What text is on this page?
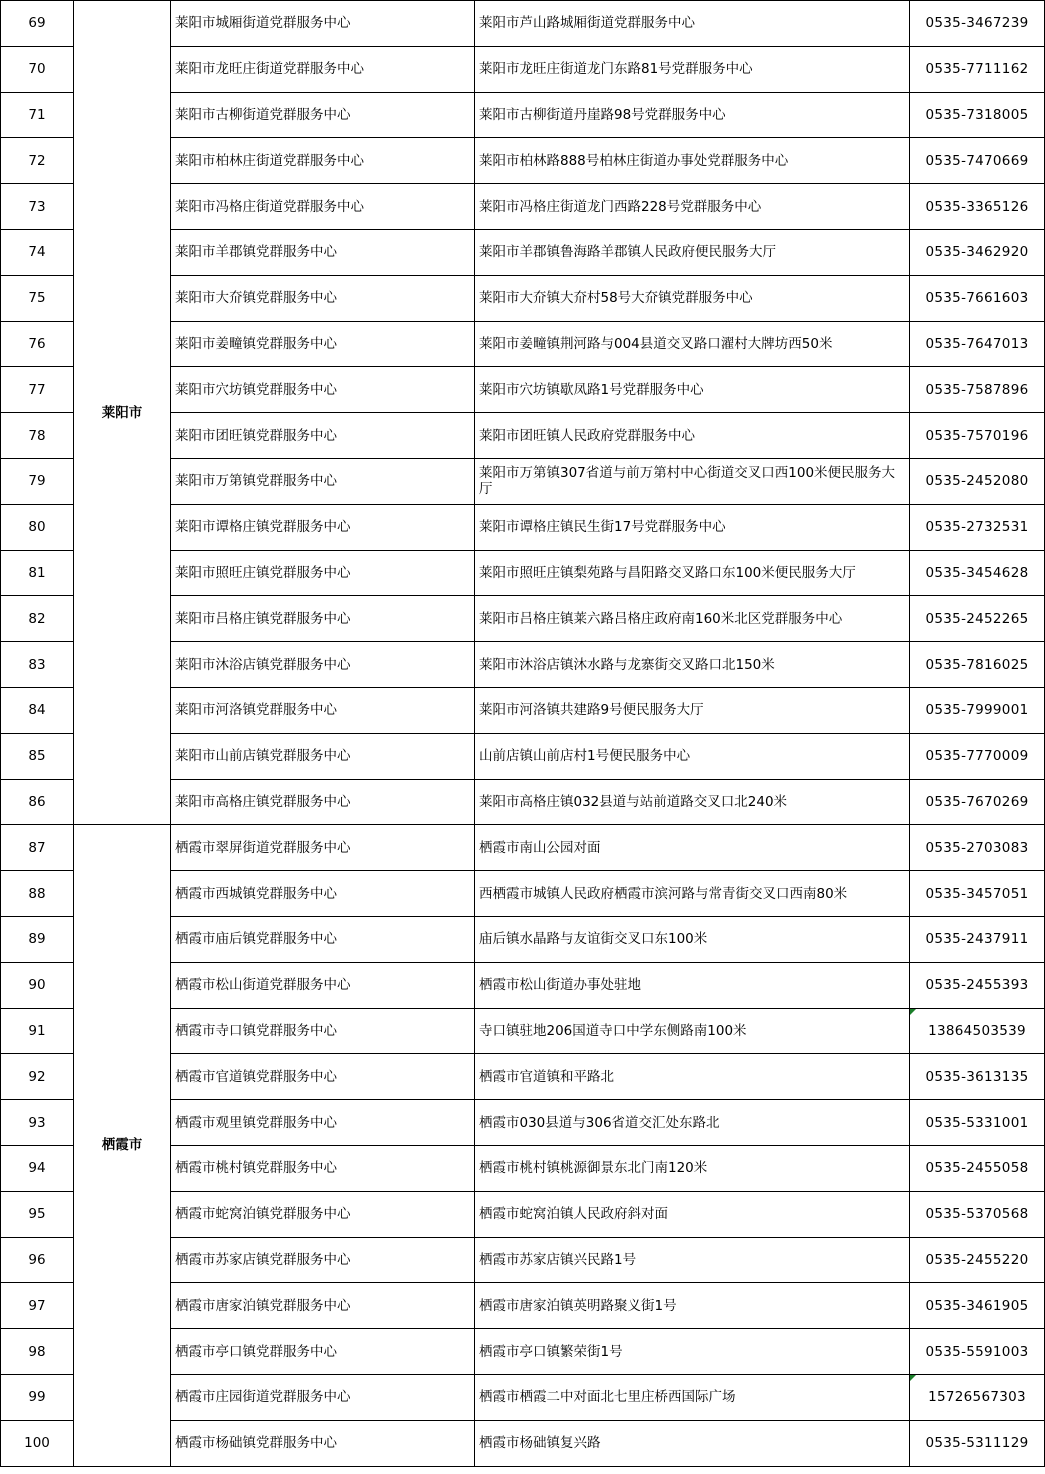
69	莱阳市	莱阳市城厢街道党群服务中心	莱阳市芦山路城厢街道党群服务中心	0535-3467239
70		莱阳市龙旺庄街道党群服务中心	莱阳市龙旺庄街道龙门东路81号党群服务中心	0535-7711162
71		莱阳市古柳街道党群服务中心	莱阳市古柳街道丹崖路98号党群服务中心	0535-7318005
72		莱阳市柏林庄街道党群服务中心	莱阳市柏林路888号柏林庄街道办事处党群服务中心	0535-7470669
73		莱阳市冯格庄街道党群服务中心	莱阳市冯格庄街道龙门西路228号党群服务中心	0535-3365126
74		莱阳市羊郡镇党群服务中心	莱阳市羊郡镇鲁海路羊郡镇人民政府便民服务大厅	0535-3462920
75		莱阳市大夼镇党群服务中心	莱阳市大夼镇大夼村58号大夼镇党群服务中心	0535-7661603
76		莱阳市姜疃镇党群服务中心	莱阳市姜疃镇荆河路与004县道交叉路口濯村大牌坊西50米	0535-7647013
77		莱阳市穴坊镇党群服务中心	莱阳市穴坊镇歇凤路1号党群服务中心	0535-7587896
78		莱阳市团旺镇党群服务中心	莱阳市团旺镇人民政府党群服务中心	0535-7570196
79		莱阳市万第镇党群服务中心	莱阳市万第镇307省道与前万第村中心街道交叉口西100米便民服务大厅	0535-2452080
80		莱阳市谭格庄镇党群服务中心	莱阳市谭格庄镇民生街17号党群服务中心	0535-2732531
81		莱阳市照旺庄镇党群服务中心	莱阳市照旺庄镇梨苑路与昌阳路交叉路口东100米便民服务大厅	0535-3454628
82		莱阳市吕格庄镇党群服务中心	莱阳市吕格庄镇莱六路吕格庄政府南160米北区党群服务中心	0535-2452265
83		莱阳市沐浴店镇党群服务中心	莱阳市沐浴店镇沐水路与龙寨街交叉路口北150米	0535-7816025
84		莱阳市河洛镇党群服务中心	莱阳市河洛镇共建路9号便民服务大厅	0535-7999001
85		莱阳市山前店镇党群服务中心	山前店镇山前店村1号便民服务中心	0535-7770009
86		莱阳市高格庄镇党群服务中心	莱阳市高格庄镇032县道与站前道路交叉口北240米	0535-7670269
87	栖霞市	栖霞市翠屏街道党群服务中心	栖霞市南山公园对面	0535-2703083
88		栖霞市西城镇党群服务中心	西栖霞市城镇人民政府栖霞市滨河路与常青街交叉口西南80米	0535-3457051
89		栖霞市庙后镇党群服务中心	庙后镇水晶路与友谊街交叉口东100米	0535-2437911
90		栖霞市松山街道党群服务中心	栖霞市松山街道办事处驻地	0535-2455393
91		栖霞市寺口镇党群服务中心	寺口镇驻地206国道寺口中学东侧路南100米	13864503539
92		栖霞市官道镇党群服务中心	栖霞市官道镇和平路北	0535-3613135
93		栖霞市观里镇党群服务中心	栖霞市030县道与306省道交汇处东路北	0535-5331001
94		栖霞市桃村镇党群服务中心	栖霞市桃村镇桃源御景东北门南120米	0535-2455058
95		栖霞市蛇窝泊镇党群服务中心	栖霞市蛇窝泊镇人民政府斜对面	0535-5370568
96		栖霞市苏家店镇党群服务中心	栖霞市苏家店镇兴民路1号	0535-2455220
97		栖霞市唐家泊镇党群服务中心	栖霞市唐家泊镇英明路聚义街1号	0535-3461905
98		栖霞市亭口镇党群服务中心	栖霞市亭口镇繁荣街1号	0535-5591003
99		栖霞市庄园街道党群服务中心	栖霞市栖霞二中对面北七里庄桥西国际广场	15726567303
100		栖霞市杨础镇党群服务中心	栖霞市杨础镇复兴路	0535-5311129
